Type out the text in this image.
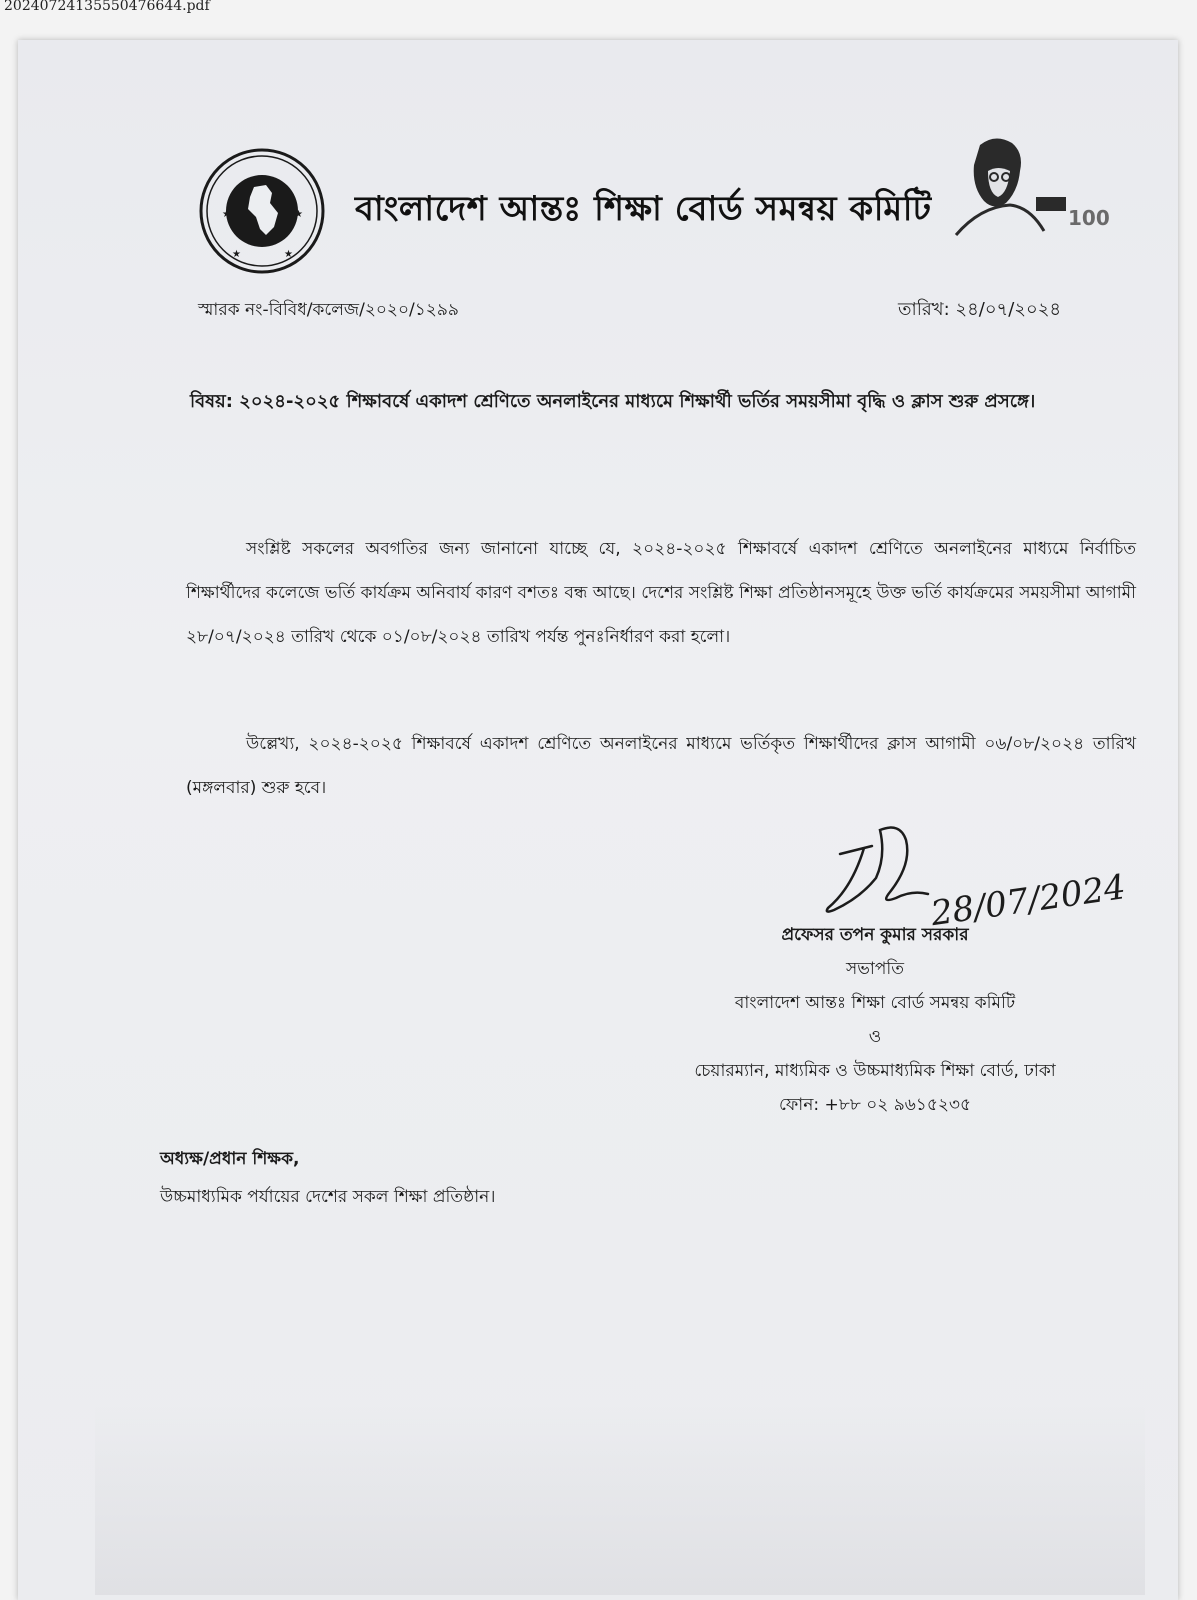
20240724135550476644.pdf
★	★
★	★
বাংলাদেশ আন্তঃ শিক্ষা বোর্ড সমন্বয় কমিটি	100
স্মারক নং-বিবিধ/কলেজ/২০২০/১২৯৯	তারিখ: ২৪/০৭/২০২৪
বিষয়: ২০২৪-২০২৫ শিক্ষাবর্ষে একাদশ শ্রেণিতে অনলাইনের মাধ্যমে শিক্ষার্থী ভর্তির সময়সীমা বৃদ্ধি ও ক্লাস শুরু প্রসঙ্গে।

সংশ্লিষ্ট সকলের অবগতির জন্য জানানো যাচ্ছে যে, ২০২৪-২০২৫ শিক্ষাবর্ষে একাদশ শ্রেণিতে অনলাইনের মাধ্যমে নির্বাচিত শিক্ষার্থীদের কলেজে ভর্তি কার্যক্রম অনিবার্য কারণ বশতঃ বন্ধ আছে। দেশের সংশ্লিষ্ট শিক্ষা প্রতিষ্ঠানসমূহে উক্ত ভর্তি কার্যক্রমের সময়সীমা আগামী ২৮/০৭/২০২৪ তারিখ থেকে ০১/০৮/২০২৪ তারিখ পর্যন্ত পুনঃনির্ধারণ করা হলো।

উল্লেখ্য, ২০২৪-২০২৫ শিক্ষাবর্ষে একাদশ শ্রেণিতে অনলাইনের মাধ্যমে ভর্তিকৃত শিক্ষার্থীদের ক্লাস আগামী ০৬/০৮/২০২৪ তারিখ (মঙ্গলবার) শুরু হবে।

28/07/2024
প্রফেসর তপন কুমার সরকার
সভাপতি
বাংলাদেশ আন্তঃ শিক্ষা বোর্ড সমন্বয় কমিটি
ও
চেয়ারম্যান, মাধ্যমিক ও উচ্চমাধ্যমিক শিক্ষা বোর্ড, ঢাকা
ফোন: +৮৮ ০২ ৯৬১৫২৩৫
অধ্যক্ষ/প্রধান শিক্ষক,
উচ্চমাধ্যমিক পর্যায়ের দেশের সকল শিক্ষা প্রতিষ্ঠান।
